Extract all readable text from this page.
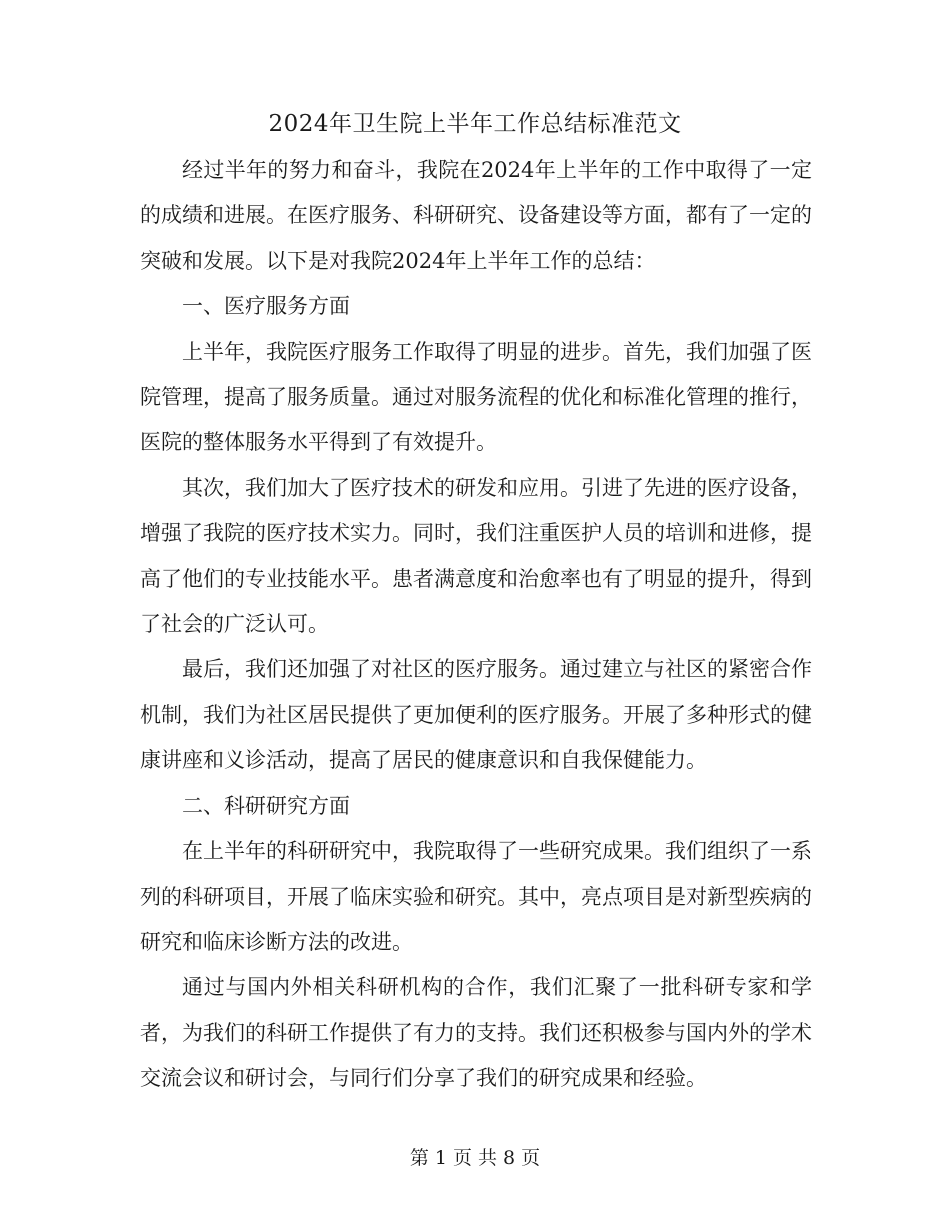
2024年卫生院上半年工作总结标准范文

经过半年的努力和奋斗，我院在2024年上半年的工作中取得了一定的成绩和进展。在医疗服务、科研研究、设备建设等方面，都有了一定的突破和发展。以下是对我院2024年上半年工作的总结：

一、医疗服务方面

上半年，我院医疗服务工作取得了明显的进步。首先，我们加强了医院管理，提高了服务质量。通过对服务流程的优化和标准化管理的推行，医院的整体服务水平得到了有效提升。

其次，我们加大了医疗技术的研发和应用。引进了先进的医疗设备，增强了我院的医疗技术实力。同时，我们注重医护人员的培训和进修，提高了他们的专业技能水平。患者满意度和治愈率也有了明显的提升，得到了社会的广泛认可。

最后，我们还加强了对社区的医疗服务。通过建立与社区的紧密合作机制，我们为社区居民提供了更加便利的医疗服务。开展了多种形式的健康讲座和义诊活动，提高了居民的健康意识和自我保健能力。

二、科研研究方面

在上半年的科研研究中，我院取得了一些研究成果。我们组织了一系列的科研项目，开展了临床实验和研究。其中，亮点项目是对新型疾病的研究和临床诊断方法的改进。

通过与国内外相关科研机构的合作，我们汇聚了一批科研专家和学者，为我们的科研工作提供了有力的支持。我们还积极参与国内外的学术交流会议和研讨会，与同行们分享了我们的研究成果和经验。

第 1 页 共 8 页
